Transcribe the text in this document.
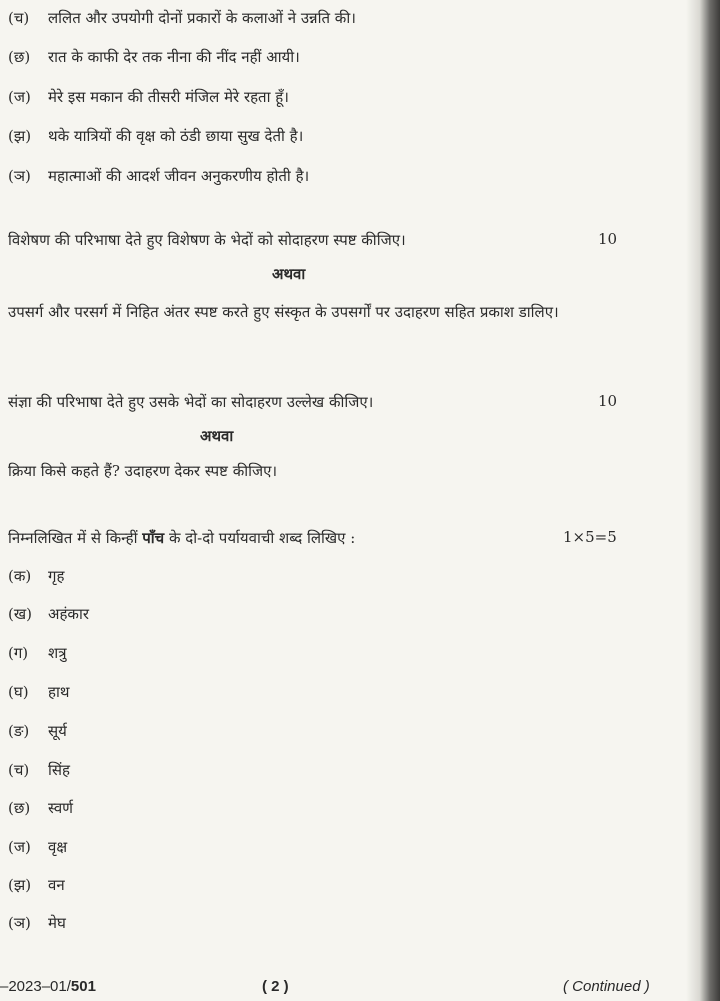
(च) ललित और उपयोगी दोनों प्रकारों के कलाओं ने उन्नति की।
(छ) रात के काफी देर तक नीना की नींद नहीं आयी।
(ज) मेरे इस मकान की तीसरी मंजिल मेरे रहता हूँ।
(झ) थके यात्रियों की वृक्ष को ठंडी छाया सुख देती है।
(ञ) महात्माओं की आदर्श जीवन अनुकरणीय होती है।
विशेषण की परिभाषा देते हुए विशेषण के भेदों को सोदाहरण स्पष्ट कीजिए।	10
अथवा
उपसर्ग और परसर्ग में निहित अंतर स्पष्ट करते हुए संस्कृत के उपसर्गों पर उदाहरण सहित प्रकाश डालिए।
संज्ञा की परिभाषा देते हुए उसके भेदों का सोदाहरण उल्लेख कीजिए।	10
अथवा
क्रिया किसे कहते हैं? उदाहरण देकर स्पष्ट कीजिए।
निम्नलिखित में से किन्हीं पाँच के दो-दो पर्यायवाची शब्द लिखिए :	1×5=5
(क) गृह
(ख) अहंकार
(ग) शत्रु
(घ) हाथ
(ङ) सूर्य
(च) सिंह
(छ) स्वर्ण
(ज) वृक्ष
(झ) वन
(ञ) मेघ
–2023–01/501	( 2 )	( Continued )
